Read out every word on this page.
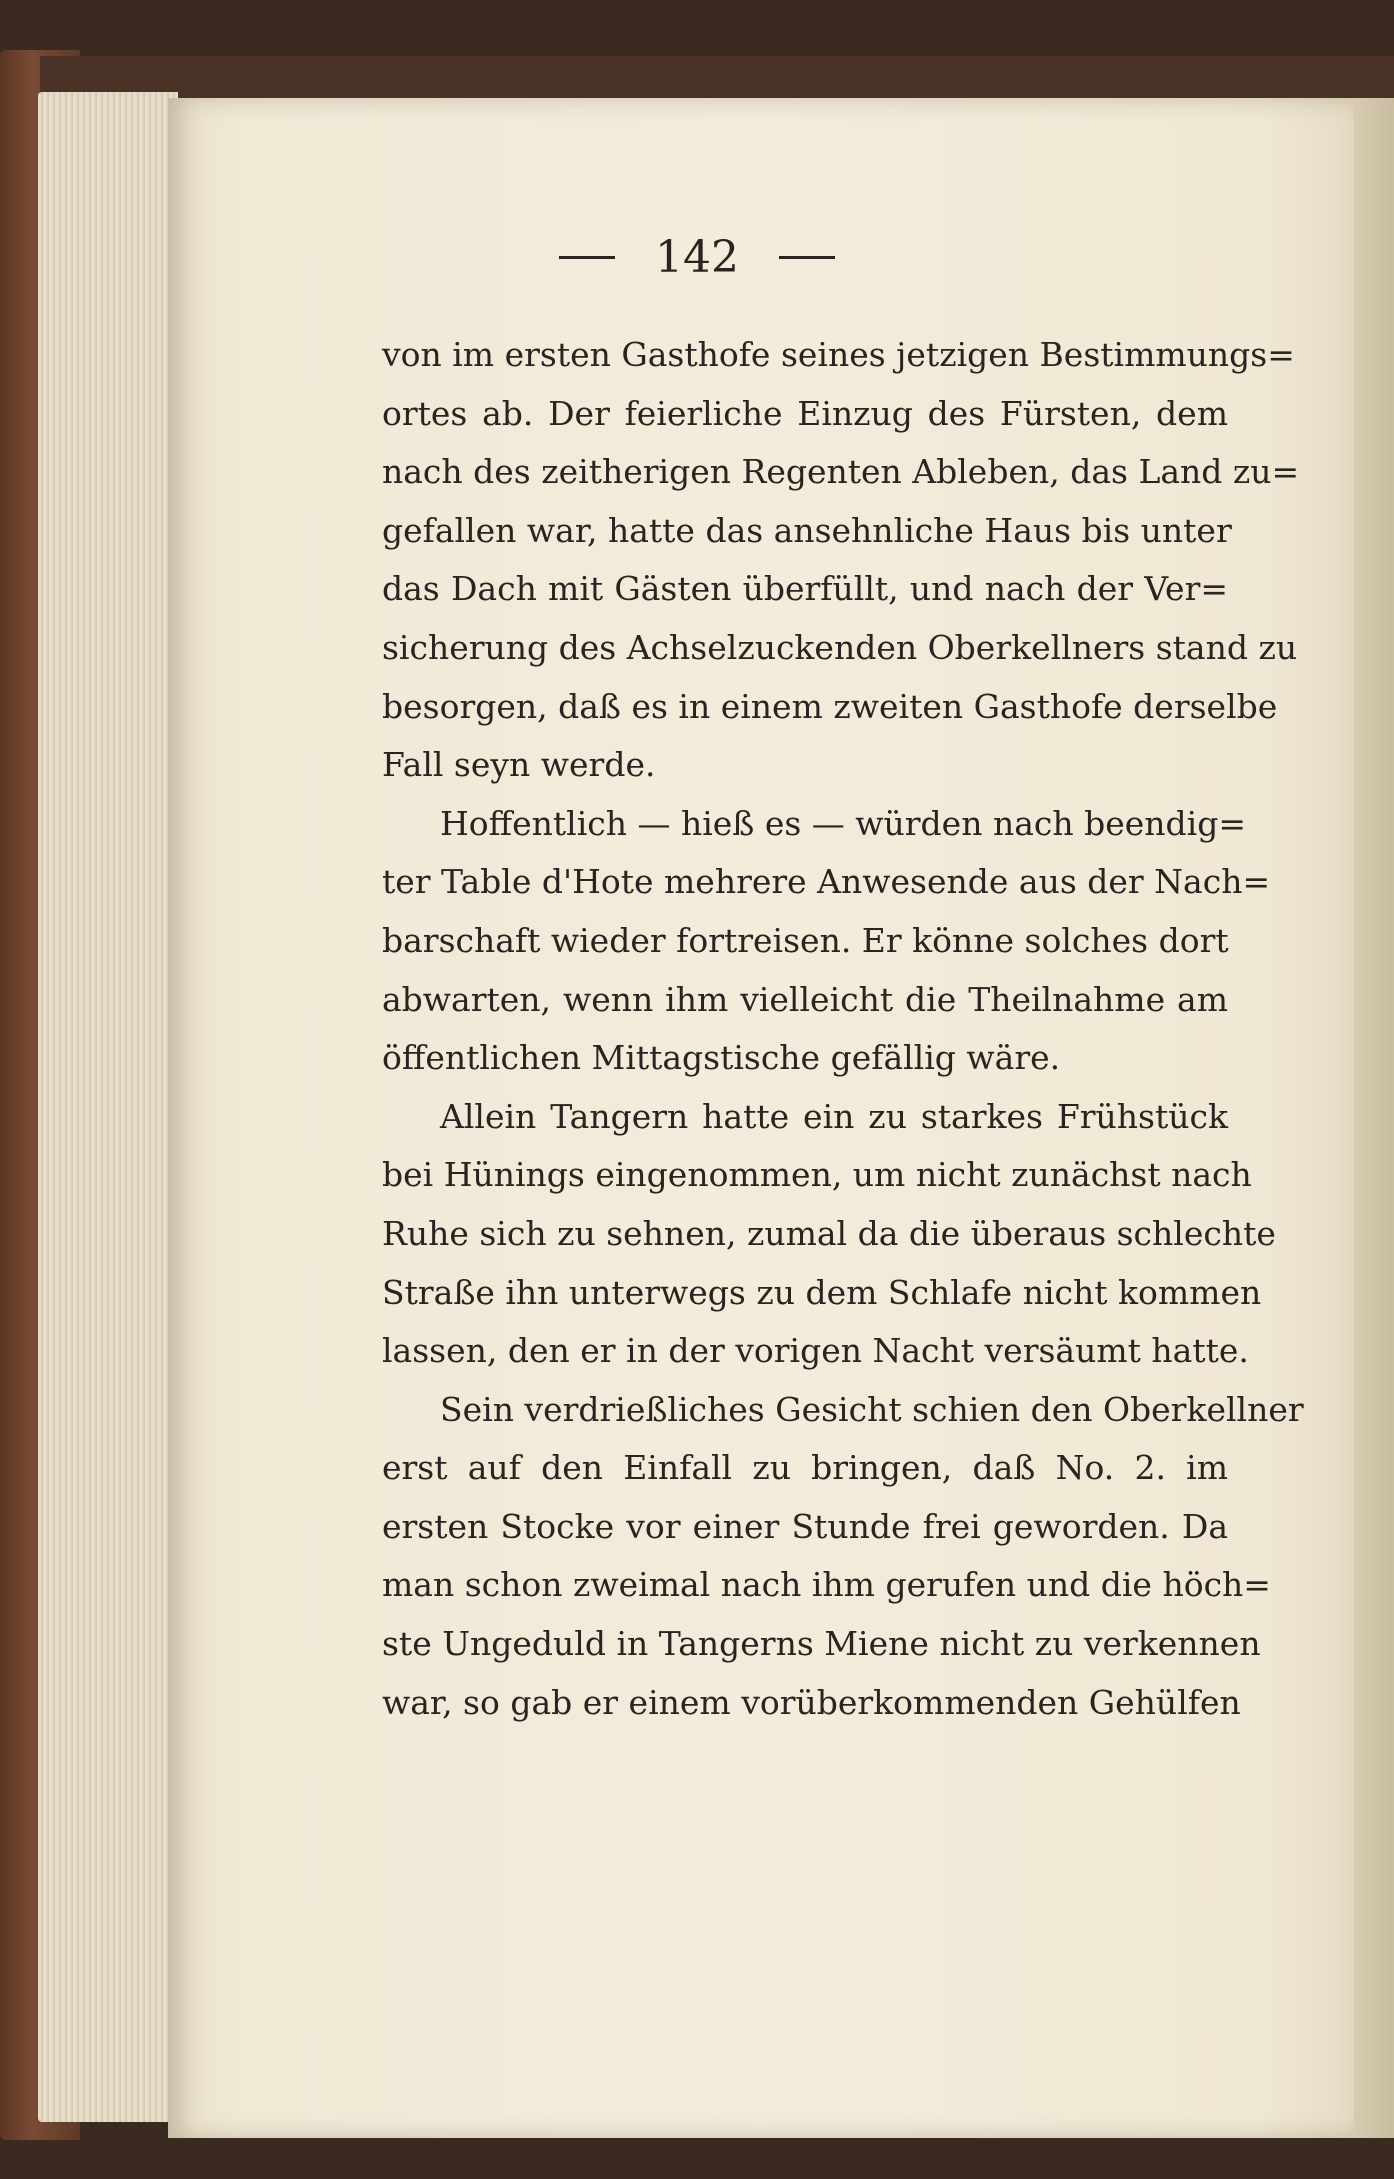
142
von im ersten Gasthofe seines jetzigen Bestimmungs=
ortes ab. Der feierliche Einzug des Fürsten, dem
nach des zeitherigen Regenten Ableben, das Land zu=
gefallen war, hatte das ansehnliche Haus bis unter
das Dach mit Gästen überfüllt, und nach der Ver=
sicherung des Achselzuckenden Oberkellners stand zu
besorgen, daß es in einem zweiten Gasthofe derselbe
Fall seyn werde.
Hoffentlich — hieß es — würden nach beendig=
ter Table d'Hote mehrere Anwesende aus der Nach=
barschaft wieder fortreisen. Er könne solches dort
abwarten, wenn ihm vielleicht die Theilnahme am
öffentlichen Mittagstische gefällig wäre.
Allein Tangern hatte ein zu starkes Frühstück
bei Hünings eingenommen, um nicht zunächst nach
Ruhe sich zu sehnen, zumal da die überaus schlechte
Straße ihn unterwegs zu dem Schlafe nicht kommen
lassen, den er in der vorigen Nacht versäumt hatte.
Sein verdrießliches Gesicht schien den Oberkellner
erst auf den Einfall zu bringen, daß No. 2. im
ersten Stocke vor einer Stunde frei geworden. Da
man schon zweimal nach ihm gerufen und die höch=
ste Ungeduld in Tangerns Miene nicht zu verkennen
war, so gab er einem vorüberkommenden Gehülfen
